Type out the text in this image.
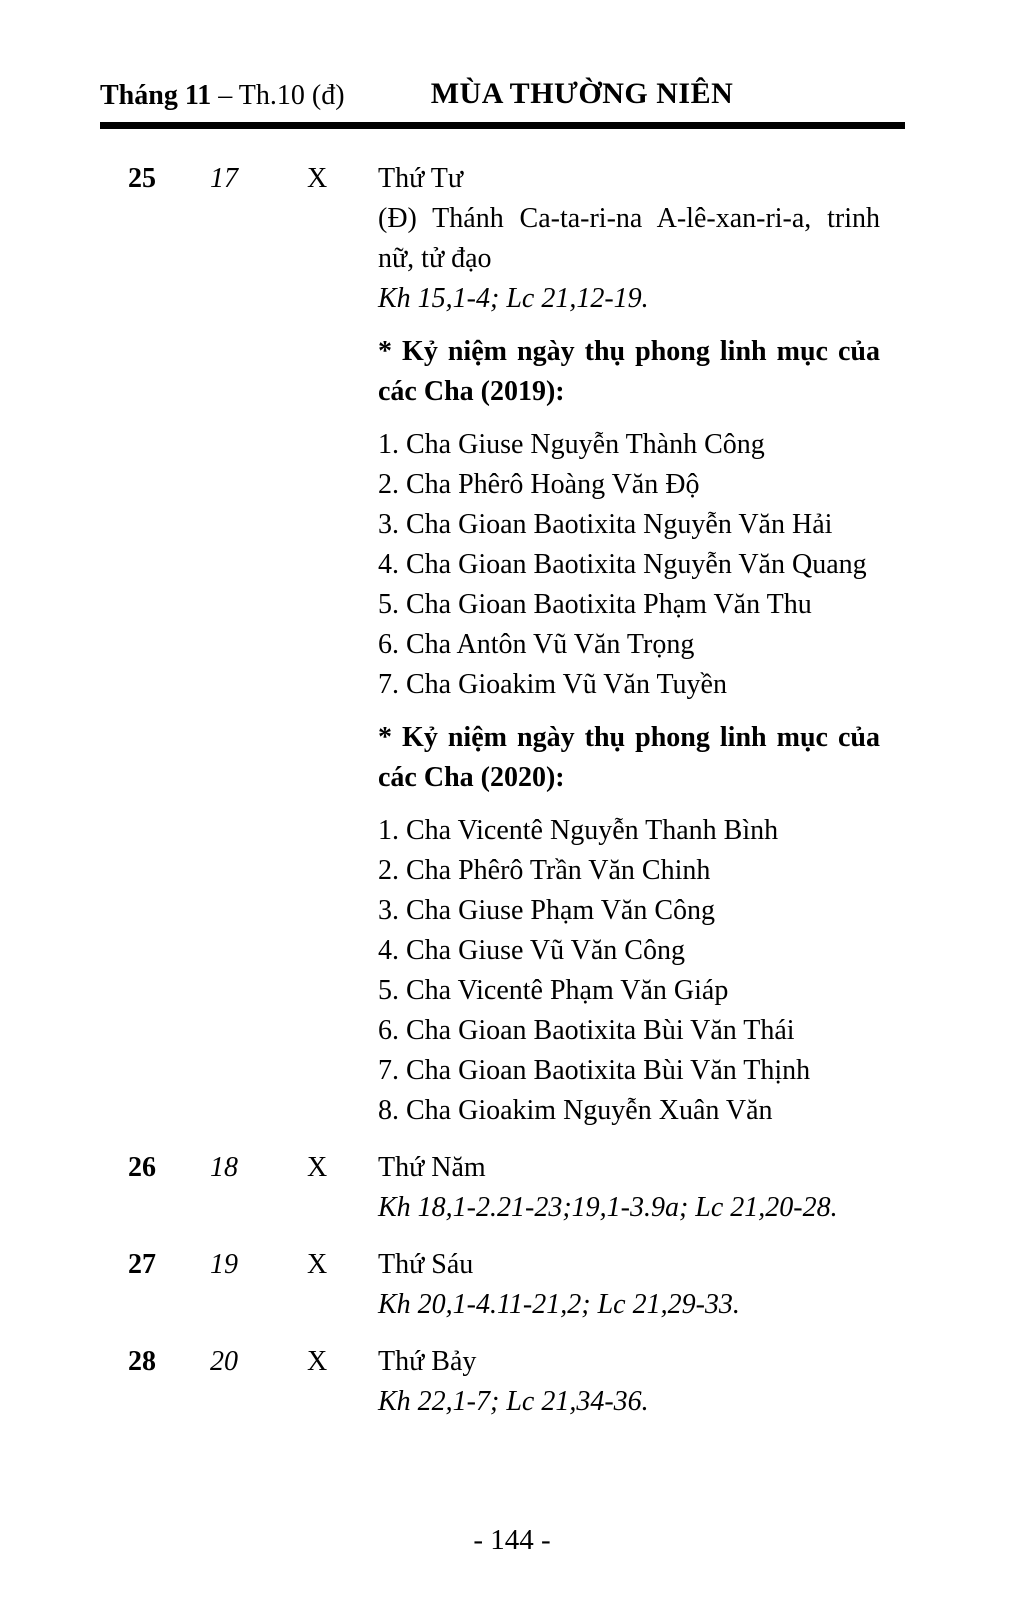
Tháng 11 – Th.10 (đ)	MÙA THƯỜNG NIÊN
25	17	X	Thứ Tư

(Đ) Thánh Ca-ta-ri-na A-lê-xan-ri-a, trinh nữ, tử đạo

Kh 15,1-4; Lc 21,12-19.

* Kỷ niệm ngày thụ phong linh mục của các Cha (2019):

1. Cha Giuse Nguyễn Thành Công

2. Cha Phêrô Hoàng Văn Độ

3. Cha Gioan Baotixita Nguyễn Văn Hải

4. Cha Gioan Baotixita Nguyễn Văn Quang

5. Cha Gioan Baotixita Phạm Văn Thu

6. Cha Antôn Vũ Văn Trọng

7. Cha Gioakim Vũ Văn Tuyền

* Kỷ niệm ngày thụ phong linh mục của các Cha (2020):

1. Cha Vicentê Nguyễn Thanh Bình

2. Cha Phêrô Trần Văn Chinh

3. Cha Giuse Phạm Văn Công

4. Cha Giuse Vũ Văn Công

5. Cha Vicentê Phạm Văn Giáp

6. Cha Gioan Baotixita Bùi Văn Thái

7. Cha Gioan Baotixita Bùi Văn Thịnh

8. Cha Gioakim Nguyễn Xuân Văn

26	18	X	Thứ Năm

Kh 18,1-2.21-23;19,1-3.9a; Lc 21,20-28.

27	19	X	Thứ Sáu

Kh 20,1-4.11-21,2; Lc 21,29-33.

28	20	X	Thứ Bảy

Kh 22,1-7; Lc 21,34-36.

- 144 -
